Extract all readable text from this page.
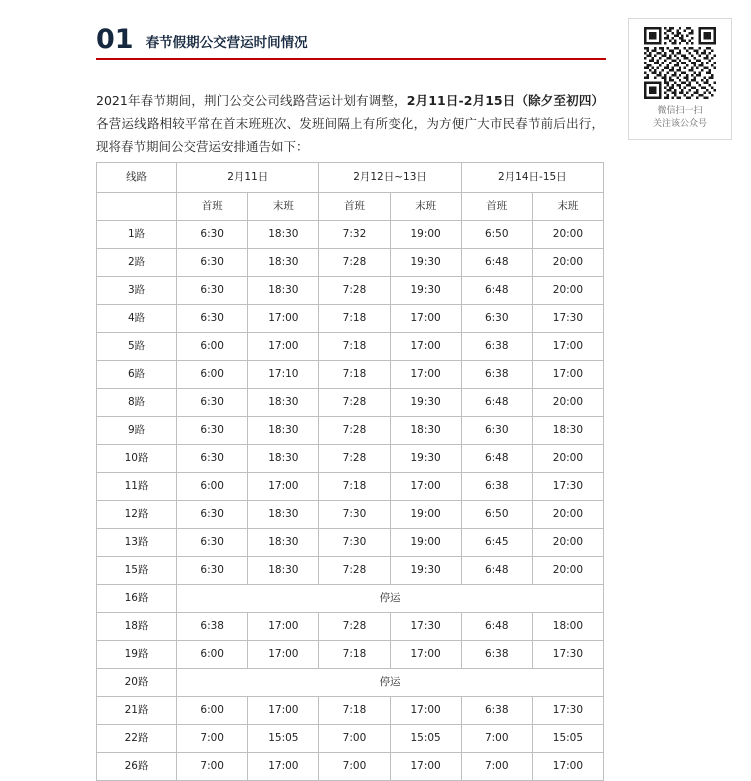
01 春节假期公交营运时间情况
微信扫一扫
关注该公众号

2021年春节期间，荆门公交公司线路营运计划有调整，2月11日-2月15日（除夕至初四）各营运线路相较平常在首末班班次、发班间隔上有所变化，为方便广大市民春节前后出行，现将春节期间公交营运安排通告如下：

线路	2月11日		2月12日~13日		2月14日-15日	
	首班	末班	首班	末班	首班	末班
1路	6:30	18:30	7:32	19:00	6:50	20:00
2路	6:30	18:30	7:28	19:30	6:48	20:00
3路	6:30	18:30	7:28	19:30	6:48	20:00
4路	6:30	17:00	7:18	17:00	6:30	17:30
5路	6:00	17:00	7:18	17:00	6:38	17:00
6路	6:00	17:10	7:18	17:00	6:38	17:00
8路	6:30	18:30	7:28	19:30	6:48	20:00
9路	6:30	18:30	7:28	18:30	6:30	18:30
10路	6:30	18:30	7:28	19:30	6:48	20:00
11路	6:00	17:00	7:18	17:00	6:38	17:30
12路	6:30	18:30	7:30	19:00	6:50	20:00
13路	6:30	18:30	7:30	19:00	6:45	20:00
15路	6:30	18:30	7:28	19:30	6:48	20:00
16路	停运					
18路	6:38	17:00	7:28	17:30	6:48	18:00
19路	6:00	17:00	7:18	17:00	6:38	17:30
20路	停运					
21路	6:00	17:00	7:18	17:00	6:38	17:30
22路	7:00	15:05	7:00	15:05	7:00	15:05
26路	7:00	17:00	7:00	17:00	7:00	17:00
